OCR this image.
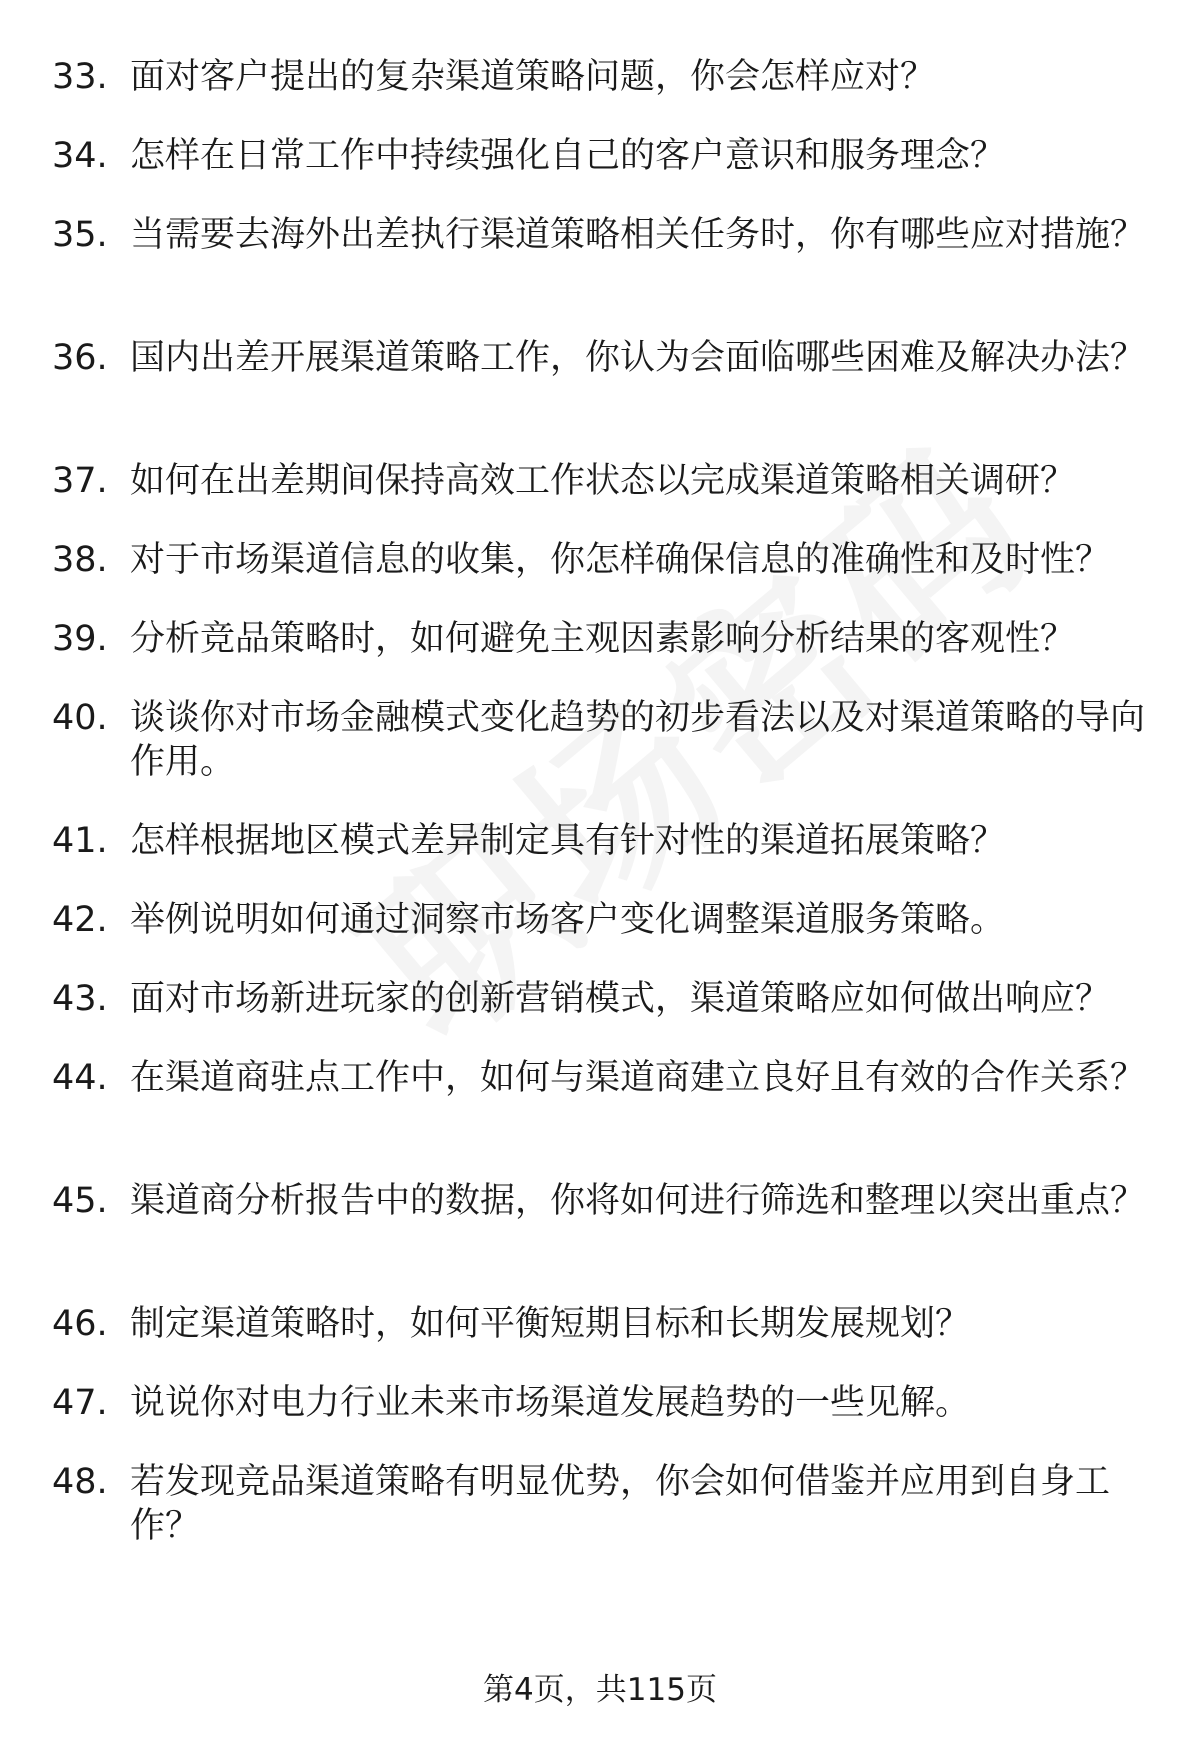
33. 面对客户提出的复杂渠道策略问题，你会怎样应对？
34. 怎样在日常工作中持续强化自己的客户意识和服务理念？
35. 当需要去海外出差执行渠道策略相关任务时，你有哪些应对措施？
36. 国内出差开展渠道策略工作，你认为会面临哪些困难及解决办法？
37. 如何在出差期间保持高效工作状态以完成渠道策略相关调研？
38. 对于市场渠道信息的收集，你怎样确保信息的准确性和及时性？
39. 分析竞品策略时，如何避免主观因素影响分析结果的客观性？
40. 谈谈你对市场金融模式变化趋势的初步看法以及对渠道策略的导向作用。
41. 怎样根据地区模式差异制定具有针对性的渠道拓展策略？
42. 举例说明如何通过洞察市场客户变化调整渠道服务策略。
43. 面对市场新进玩家的创新营销模式，渠道策略应如何做出响应？
44. 在渠道商驻点工作中，如何与渠道商建立良好且有效的合作关系？
45. 渠道商分析报告中的数据，你将如何进行筛选和整理以突出重点？
46. 制定渠道策略时，如何平衡短期目标和长期发展规划？
47. 说说你对电力行业未来市场渠道发展趋势的一些见解。
48. 若发现竞品渠道策略有明显优势，你会如何借鉴并应用到自身工作？
第4页，共115页
